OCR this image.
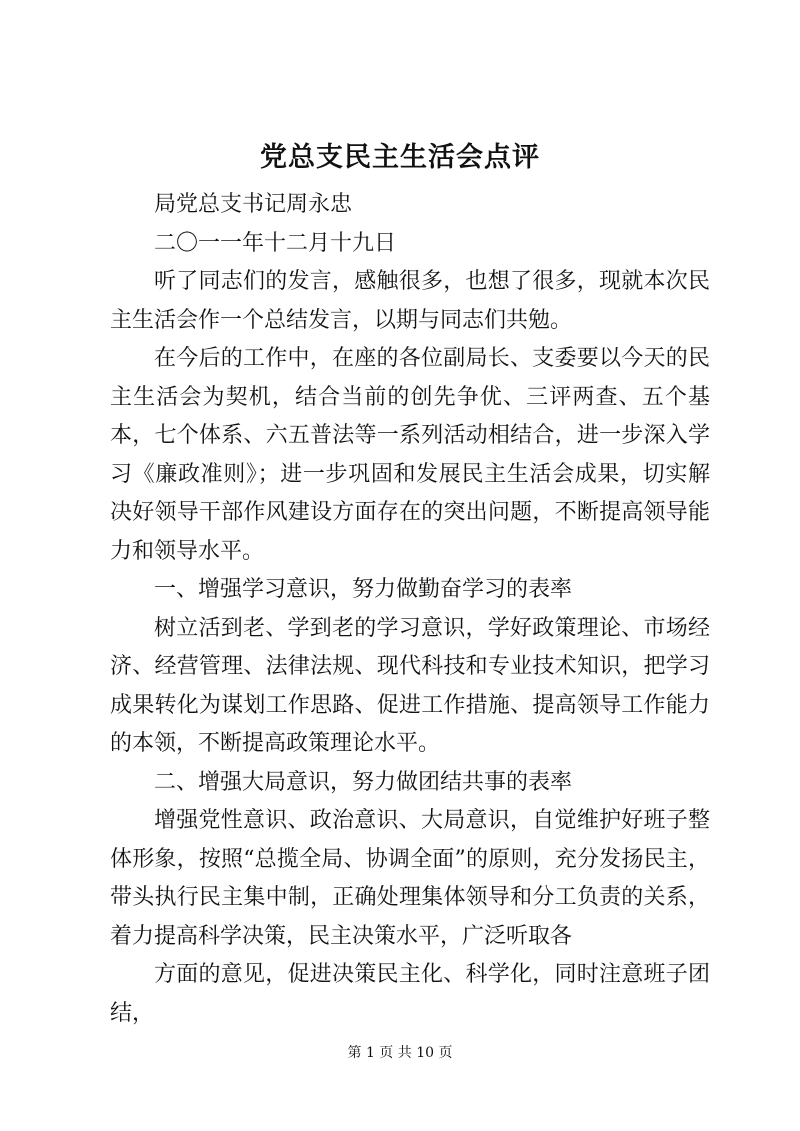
党总支民主生活会点评

局党总支书记周永忠

二〇一一年十二月十九日

听了同志们的发言，感触很多，也想了很多，现就本次民主生活会作一个总结发言，以期与同志们共勉。

在今后的工作中，在座的各位副局长、支委要以今天的民主生活会为契机，结合当前的创先争优、三评两查、五个基本，七个体系、六五普法等一系列活动相结合，进一步深入学习《廉政准则》；进一步巩固和发展民主生活会成果，切实解决好领导干部作风建设方面存在的突出问题，不断提高领导能力和领导水平。

一、增强学习意识，努力做勤奋学习的表率

树立活到老、学到老的学习意识，学好政策理论、市场经济、经营管理、法律法规、现代科技和专业技术知识，把学习成果转化为谋划工作思路、促进工作措施、提高领导工作能力的本领，不断提高政策理论水平。

二、增强大局意识，努力做团结共事的表率

增强党性意识、政治意识、大局意识，自觉维护好班子整体形象，按照“总揽全局、协调全面”的原则，充分发扬民主，带头执行民主集中制，正确处理集体领导和分工负责的关系，着力提高科学决策，民主决策水平，广泛听取各

方面的意见，促进决策民主化、科学化，同时注意班子团结，

第 1 页 共 10 页
